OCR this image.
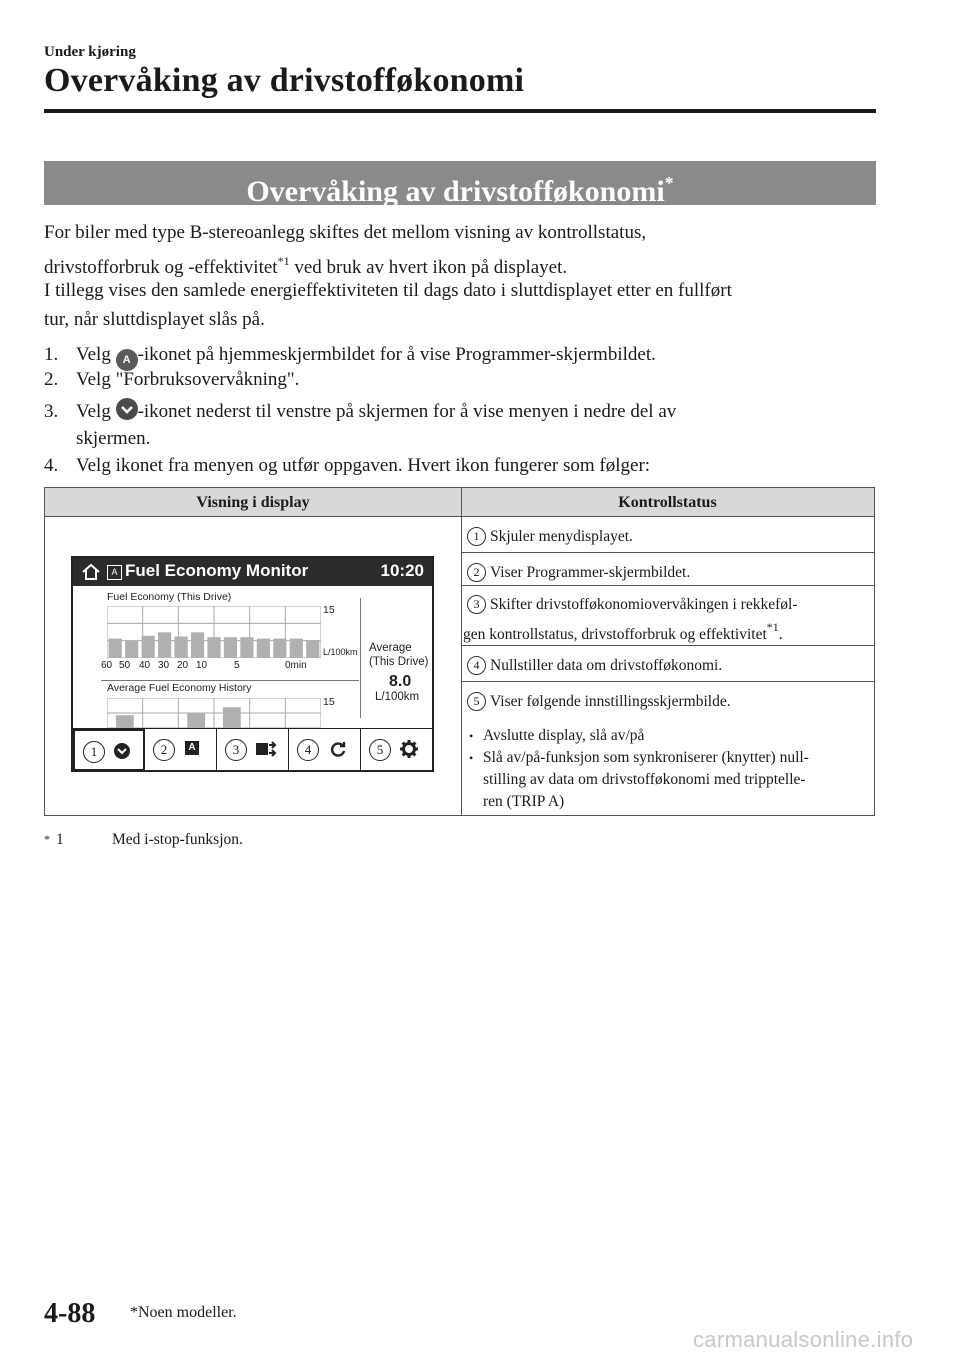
Under kjøring
Overvåking av drivstofføkonomi
Overvåking av drivstofføkonomi*
For biler med type B-stereoanlegg skiftes det mellom visning av kontrollstatus,
drivstofforbruk og -effektivitet$^{*1}$ ved bruk av hvert ikon på displayet.
I tillegg vises den samlede energieffektiviteten til dags dato i sluttdisplayet etter en fullført
tur, når sluttdisplayet slås på.
1. Velg A -ikonet på hjemmeskjermbildet for å vise Programmer-skjermbildet.
2. Velg "Forbruksovervåkning".
3. Velg -ikonet nederst til venstre på skjermen for å vise menyen i nedre del av
skjermen.
4. Velg ikonet fra menyen og utfør oppgaven. Hvert ikon fungerer som følger:
Visning i display	Kontrollstatus
1 Skjuler menydisplayet.
2 Viser Programmer-skjermbildet.
3 Skifter drivstofføkonomiovervåkingen i rekkeføl-
gen kontrollstatus, drivstofforbruk og effektivitet$^{*1}$.
4 Nullstiller data om drivstofføkonomi.
5 Viser følgende innstillingsskjermbilde.
• Avslutte display, slå av/på
• Slå av/på-funksjon som synkroniserer (knytter) null-
stilling av data om drivstofføkonomi med tripptelle-
ren (TRIP A)
A Fuel Economy Monitor	10:20
Fuel Economy (This Drive)
15
L/100km
60 50 40 30 20 10	5	0min
Average
(This Drive)
8.0
L/100km
Average Fuel Economy History
15
1	2	A	3	4	5
* 1	Med i-stop-funksjon.
4-88 *Noen modeller.
carmanualsonline.info
